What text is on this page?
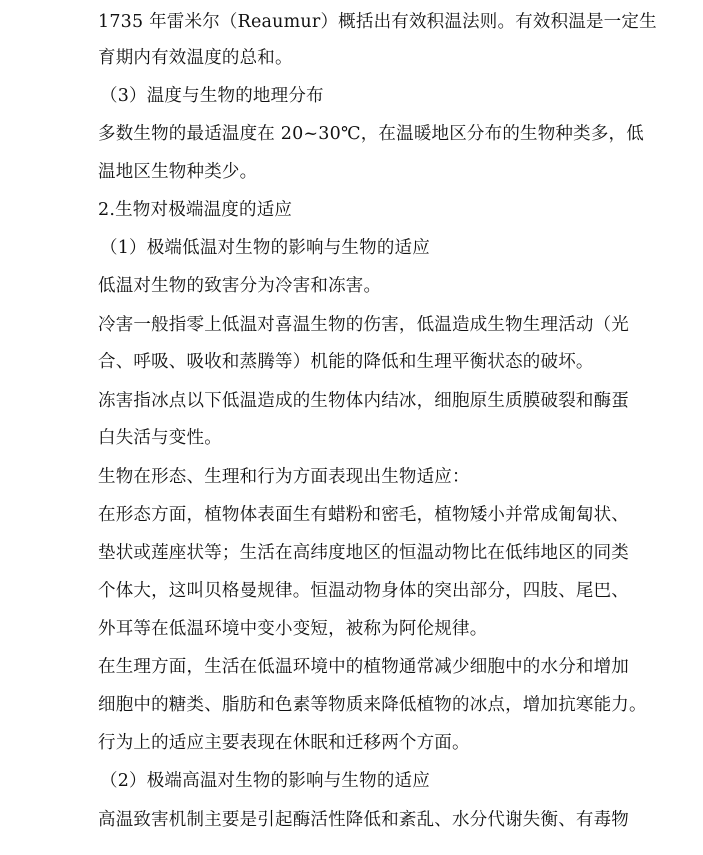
1735 年雷米尔（Reaumur）概括出有效积温法则。有效积温是一定生
育期内有效温度的总和。
（3）温度与生物的地理分布
多数生物的最适温度在 20~30℃，在温暖地区分布的生物种类多，低
温地区生物种类少。
2.生物对极端温度的适应
（1）极端低温对生物的影响与生物的适应
低温对生物的致害分为冷害和冻害。
冷害一般指零上低温对喜温生物的伤害，低温造成生物生理活动（光
合、呼吸、吸收和蒸腾等）机能的降低和生理平衡状态的破坏。
冻害指冰点以下低温造成的生物体内结冰，细胞原生质膜破裂和酶蛋
白失活与变性。
生物在形态、生理和行为方面表现出生物适应：
在形态方面，植物体表面生有蜡粉和密毛，植物矮小并常成匍匐状、
垫状或莲座状等；生活在高纬度地区的恒温动物比在低纬地区的同类
个体大，这叫贝格曼规律。恒温动物身体的突出部分，四肢、尾巴、
外耳等在低温环境中变小变短，被称为阿伦规律。
在生理方面，生活在低温环境中的植物通常减少细胞中的水分和增加
细胞中的糖类、脂肪和色素等物质来降低植物的冰点，增加抗寒能力。
行为上的适应主要表现在休眠和迁移两个方面。
（2）极端高温对生物的影响与生物的适应
高温致害机制主要是引起酶活性降低和紊乱、水分代谢失衡、有毒物
